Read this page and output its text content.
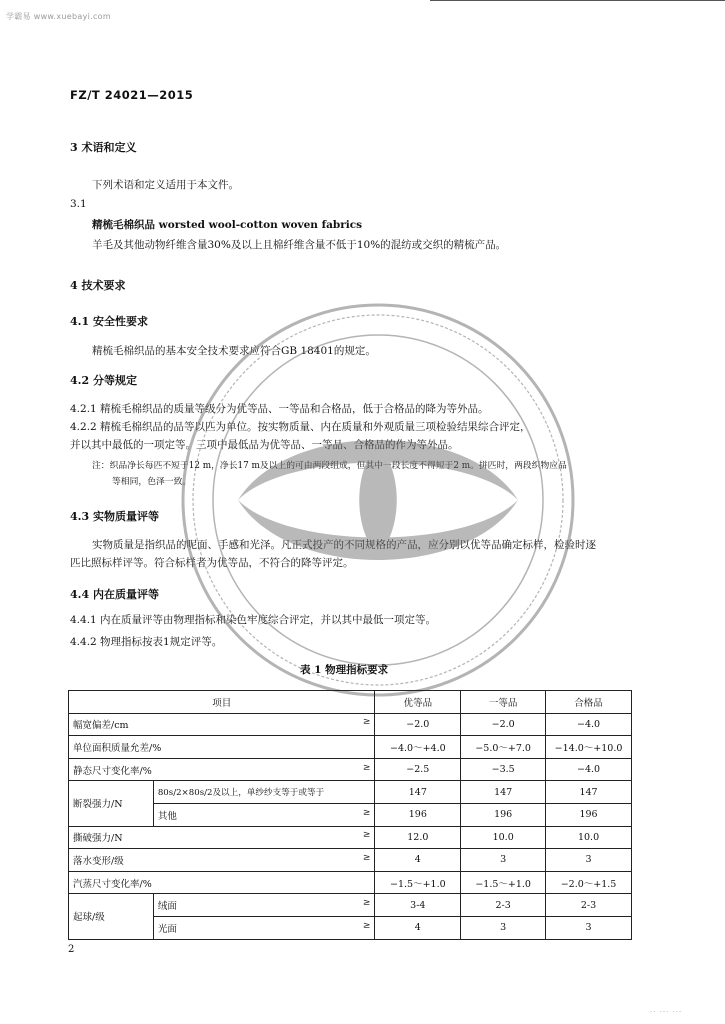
学霸易 www.xuebayi.com
FZ/T 24021—2015
3 术语和定义
下列术语和定义适用于本文件。
3.1
精梳毛棉织品 worsted wool-cotton woven fabrics
羊毛及其他动物纤维含量30%及以上且棉纤维含量不低于10%的混纺或交织的精梳产品。
4 技术要求
4.1 安全性要求
精梳毛棉织品的基本安全技术要求应符合GB 18401的规定。
4.2 分等规定
4.2.1 精梳毛棉织品的质量等级分为优等品、一等品和合格品，低于合格品的降为等外品。
4.2.2 精梳毛棉织品的品等以匹为单位。按实物质量、内在质量和外观质量三项检验结果综合评定，
并以其中最低的一项定等。三项中最低品为优等品、一等品、合格品的作为等外品。
注：织品净长每匹不短于12 m，净长17 m及以上的可由两段组成，但其中一段长度不得短于2 m。拼匹时，两段织物应品
等相同，色泽一致。
4.3 实物质量评等
实物质量是指织品的呢面、手感和光泽。凡正式投产的不同规格的产品，应分别以优等品确定标样，检验时逐
匹比照标样评等。符合标样者为优等品，不符合的降等评定。
4.4 内在质量评等
4.4.1 内在质量评等由物理指标和染色牢度综合评定，并以其中最低一项定等。
4.4.2 物理指标按表1规定评等。
表 1 物理指标要求
项目		优等品	一等品	合格品
幅宽偏差/cm ≥		−2.0	−2.0	−4.0
单位面积质量允差/%		−4.0～+4.0	−5.0～+7.0	−14.0～+10.0
静态尺寸变化率/% ≥		−2.5	−3.5	−4.0
断裂强力/N	80s/2×80s/2及以上，单纱纱支等于或等于	147	147	147
	其他 ≥	196	196	196
撕破强力/N ≥		12.0	10.0	10.0
落水变形/级 ≥		4	3	3
汽蒸尺寸变化率/%		−1.5～+1.0	−1.5～+1.0	−2.0～+1.5
起球/级	绒面 ≥	3-4	2-3	2-3
	光面 ≥	4	3	3
2
·· ··· ···
